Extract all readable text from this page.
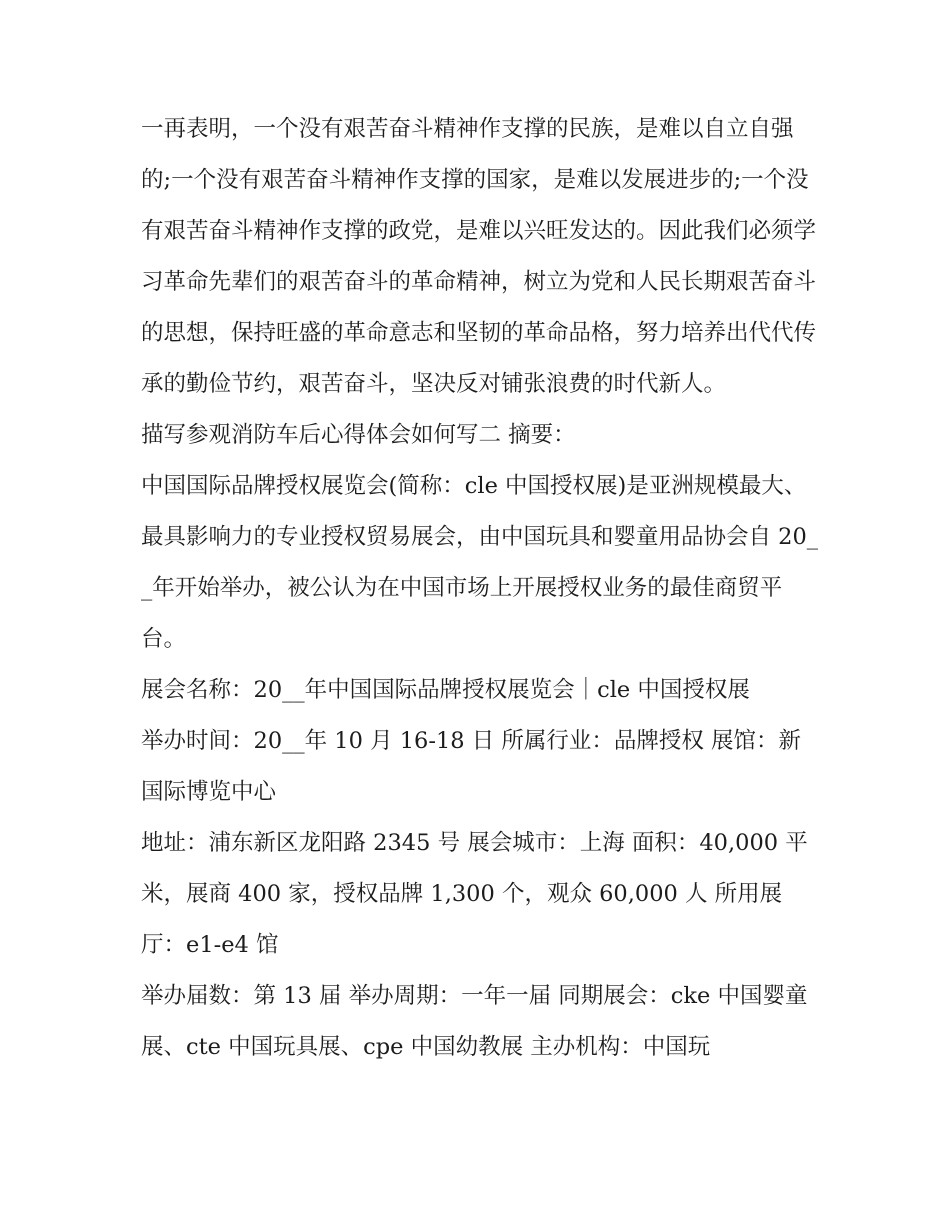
一再表明，一个没有艰苦奋斗精神作支撑的民族，是难以自立自强的;一个没有艰苦奋斗精神作支撑的国家，是难以发展进步的;一个没有艰苦奋斗精神作支撑的政党，是难以兴旺发达的。因此我们必须学习革命先辈们的艰苦奋斗的革命精神，树立为党和人民长期艰苦奋斗的思想，保持旺盛的革命意志和坚韧的革命品格，努力培养出代代传承的勤俭节约，艰苦奋斗，坚决反对铺张浪费的时代新人。

描写参观消防车后心得体会如何写二 摘要：

中国国际品牌授权展览会(简称：cle 中国授权展)是亚洲规模最大、最具影响力的专业授权贸易展会，由中国玩具和婴童用品协会自 20__年开始举办，被公认为在中国市场上开展授权业务的最佳商贸平台。

展会名称：20__年中国国际品牌授权展览会｜cle 中国授权展

举办时间：20__年 10 月 16-18 日 所属行业：品牌授权 展馆：新国际博览中心

地址：浦东新区龙阳路 2345 号 展会城市：上海 面积：40,000 平米，展商 400 家，授权品牌 1,300 个，观众 60,000 人 所用展厅：e1-e4 馆

举办届数：第 13 届 举办周期：一年一届 同期展会：cke 中国婴童展、cte 中国玩具展、cpe 中国幼教展 主办机构：中国玩
